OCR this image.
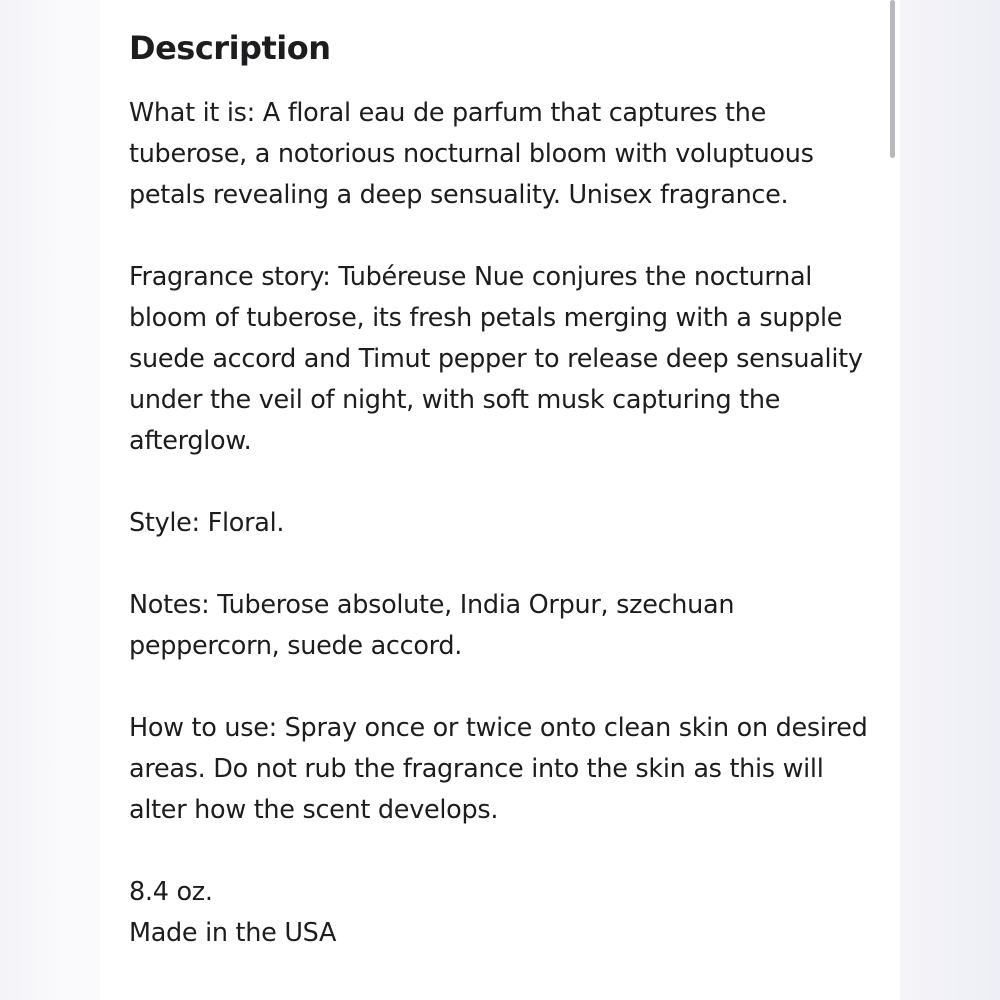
Description
What it is: A floral eau de parfum that captures the tuberose, a notorious nocturnal bloom with voluptuous petals revealing a deep sensuality. Unisex fragrance.
Fragrance story: Tubéreuse Nue conjures the nocturnal bloom of tuberose, its fresh petals merging with a supple suede accord and Timut pepper to release deep sensuality under the veil of night, with soft musk capturing the afterglow.
Style: Floral.
Notes: Tuberose absolute, India Orpur, szechuan peppercorn, suede accord.
How to use: Spray once or twice onto clean skin on desired areas. Do not rub the fragrance into the skin as this will alter how the scent develops.
8.4 oz.
Made in the USA
